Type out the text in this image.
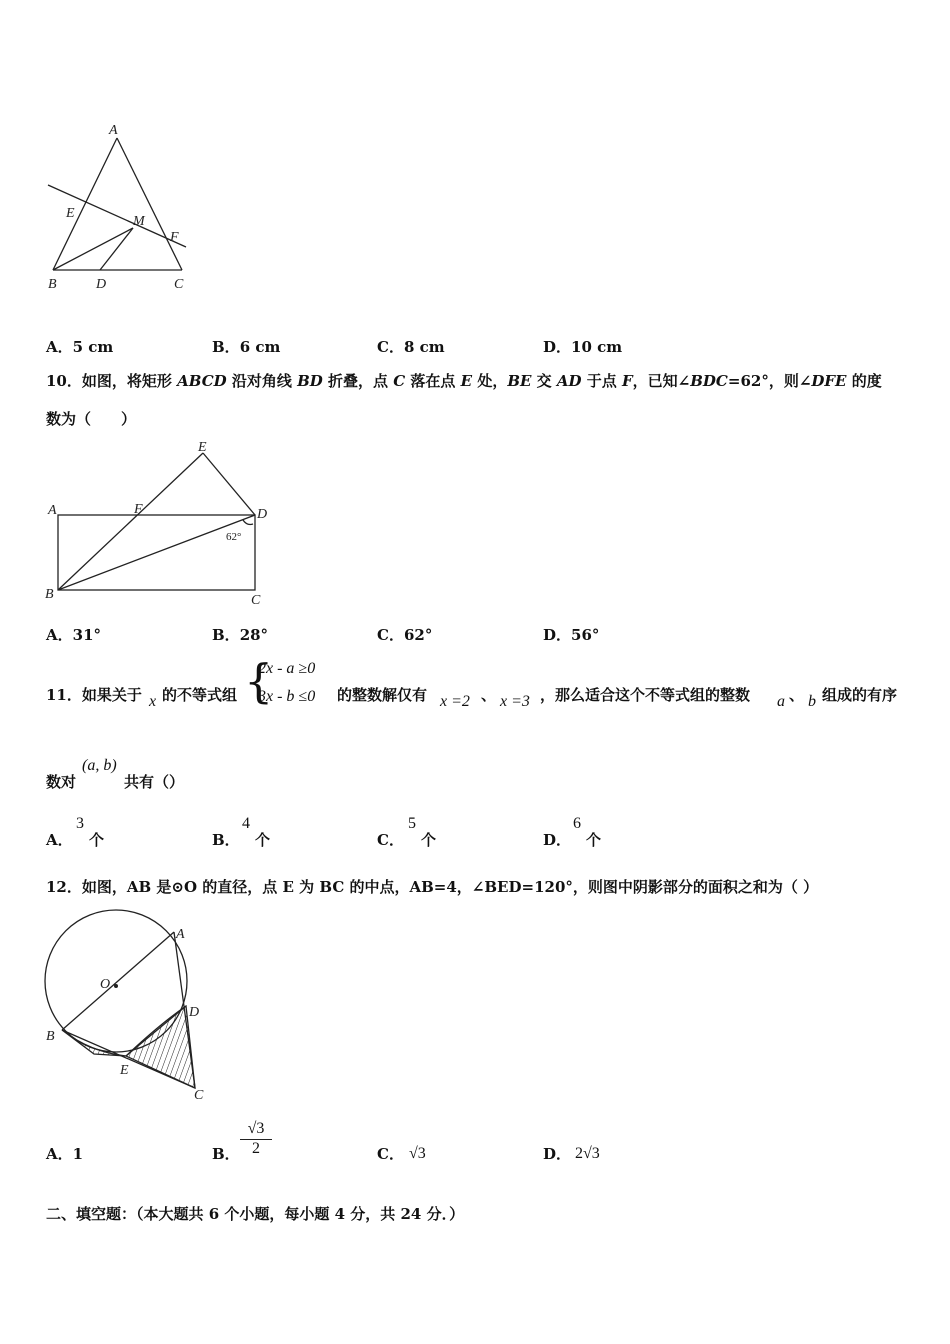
A
E
M
F
B	D	C
A．5 cm	B．6 cm	C．8 cm	D．10 cm
10．如图，将矩形 ABCD 沿对角线 BD 折叠，点 C 落在点 E 处，BE 交 AD 于点 F，已知∠BDC=62°，则∠DFE 的度
数为（　　）
E
A	F	D
B	C
62°
A．31°	B．28°	C．62°	D．56°
11．如果关于 x 的不等式组 {
2x - a ≥0
3x - b ≤0 的整数解仅有 x =2 、 x =3 ，那么适合这个不等式组的整数 a 、 b 组成的有序
数对
(a, b)
共有（）
A．
3
个	B．
4
个	C．
5
个	D．
6
个
12．如图，AB 是⊙O 的直径，点 E 为 BC 的中点，AB=4，∠BED=120°，则图中阴影部分的面积之和为（ ）
A
O
D
B
E
C
A．1	B． $\frac{√3}{2}$	C． √3	D． 2√3
二、填空题：（本大题共 6 个小题，每小题 4 分，共 24 分．）
